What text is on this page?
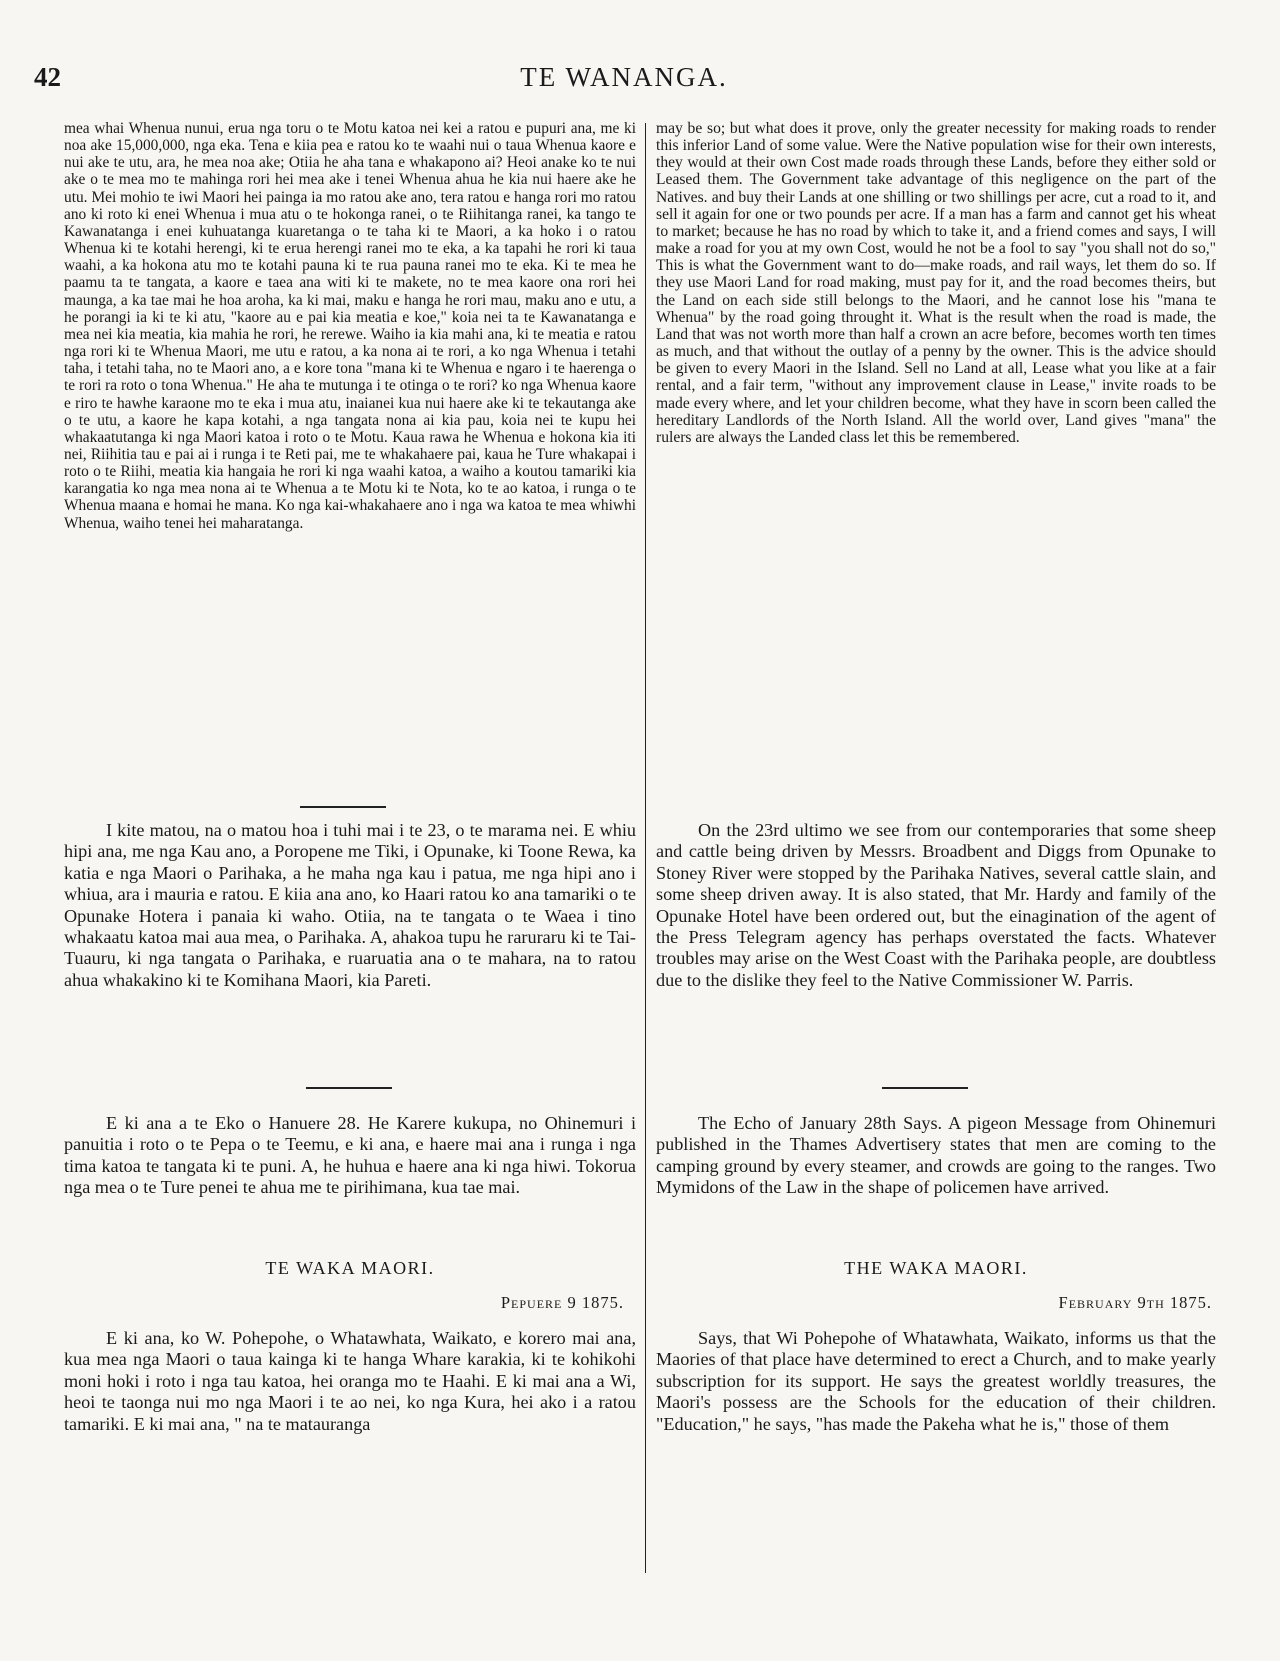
42	TE WANANGA.

mea whai Whenua nunui, erua nga toru o te Motu katoa nei kei a ratou e pupuri ana, me ki noa ake 15,000,000, nga eka. Tena e kiia pea e ratou ko te waahi nui o taua Whenua kaore e nui ake te utu, ara, he mea noa ake; Otiia he aha tana e whakapono ai? Heoi anake ko te nui ake o te mea mo te mahinga rori hei mea ake i tenei Whenua ahua he kia nui haere ake he utu. Mei mohio te iwi Maori hei painga ia mo ratou ake ano, tera ratou e hanga rori mo ratou ano ki roto ki enei Whenua i mua atu o te hokonga ranei, o te Riihitanga ranei, ka tango te Kawanatanga i enei kuhuatanga kuaretanga o te taha ki te Maori, a ka hoko i o ratou Whenua ki te kotahi herengi, ki te erua herengi ranei mo te eka, a ka tapahi he rori ki taua waahi, a ka hokona atu mo te kotahi pauna ki te rua pauna ranei mo te eka. Ki te mea he paamu ta te tangata, a kaore e taea ana witi ki te makete, no te mea kaore ona rori hei maunga, a ka tae mai he hoa aroha, ka ki mai, maku e hanga he rori mau, maku ano e utu, a he porangi ia ki te ki atu, "kaore au e pai kia meatia e koe," koia nei ta te Kawanatanga e mea nei kia meatia, kia mahia he rori, he rerewe. Waiho ia kia mahi ana, ki te meatia e ratou nga rori ki te Whenua Maori, me utu e ratou, a ka nona ai te rori, a ko nga Whenua i tetahi taha, i tetahi taha, no te Maori ano, a e kore tona "mana ki te Whenua e ngaro i te haerenga o te rori ra roto o tona Whenua." He aha te mutunga i te otinga o te rori? ko nga Whenua kaore e riro te hawhe karaone mo te eka i mua atu, inaianei kua nui haere ake ki te tekautanga ake o te utu, a kaore he kapa kotahi, a nga tangata nona ai kia pau, koia nei te kupu hei whakaatutanga ki nga Maori katoa i roto o te Motu. Kaua rawa he Whenua e hokona kia iti nei, Riihitia tau e pai ai i runga i te Reti pai, me te whakahaere pai, kaua he Ture whakapai i roto o te Riihi, meatia kia hangaia he rori ki nga waahi katoa, a waiho a koutou tamariki kia karangatia ko nga mea nona ai te Whenua a te Motu ki te Nota, ko te ao katoa, i runga o te Whenua maana e homai he mana. Ko nga kai-whakahaere ano i nga wa katoa te mea whiwhi Whenua, waiho tenei hei maharatanga.

may be so; but what does it prove, only the greater necessity for making roads to render this inferior Land of some value. Were the Native population wise for their own interests, they would at their own Cost made roads through these Lands, before they either sold or Leased them. The Government take advantage of this negligence on the part of the Natives. and buy their Lands at one shilling or two shillings per acre, cut a road to it, and sell it again for one or two pounds per acre. If a man has a farm and cannot get his wheat to market; because he has no road by which to take it, and a friend comes and says, I will make a road for you at my own Cost, would he not be a fool to say "you shall not do so," This is what the Government want to do—make roads, and rail ways, let them do so. If they use Maori Land for road making, must pay for it, and the road becomes theirs, but the Land on each side still belongs to the Maori, and he cannot lose his "mana te Whenua" by the road going throught it. What is the result when the road is made, the Land that was not worth more than half a crown an acre before, becomes worth ten times as much, and that without the outlay of a penny by the owner. This is the advice should be given to every Maori in the Island. Sell no Land at all, Lease what you like at a fair rental, and a fair term, "without any improvement clause in Lease," invite roads to be made every where, and let your children become, what they have in scorn been called the hereditary Landlords of the North Island. All the world over, Land gives "mana" the rulers are always the Landed class let this be remembered.

I kite matou, na o matou hoa i tuhi mai i te 23, o te marama nei. E whiu hipi ana, me nga Kau ano, a Poropene me Tiki, i Opunake, ki Toone Rewa, ka katia e nga Maori o Parihaka, a he maha nga kau i patua, me nga hipi ano i whiua, ara i mauria e ratou. E kiia ana ano, ko Haari ratou ko ana tamariki o te Opunake Hotera i panaia ki waho. Otiia, na te tangata o te Waea i tino whakaatu katoa mai aua mea, o Parihaka. A, ahakoa tupu he raruraru ki te Tai-Tuauru, ki nga tangata o Parihaka, e ruaruatia ana o te mahara, na to ratou ahua whakakino ki te Komihana Maori, kia Pareti.

On the 23rd ultimo we see from our contemporaries that some sheep and cattle being driven by Messrs. Broadbent and Diggs from Opunake to Stoney River were stopped by the Parihaka Natives, several cattle slain, and some sheep driven away. It is also stated, that Mr. Hardy and family of the Opunake Hotel have been ordered out, but the einagination of the agent of the Press Telegram agency has perhaps overstated the facts. Whatever troubles may arise on the West Coast with the Parihaka people, are doubtless due to the dislike they feel to the Native Commissioner W. Parris.

E ki ana a te Eko o Hanuere 28. He Karere kukupa, no Ohinemuri i panuitia i roto o te Pepa o te Teemu, e ki ana, e haere mai ana i runga i nga tima katoa te tangata ki te puni. A, he huhua e haere ana ki nga hiwi. Tokorua nga mea o te Ture penei te ahua me te pirihimana, kua tae mai.

The Echo of January 28th Says. A pigeon Message from Ohinemuri published in the Thames Advertisery states that men are coming to the camping ground by every steamer, and crowds are going to the ranges. Two Mymidons of the Law in the shape of policemen have arrived.

TE WAKA MAORI.	THE WAKA MAORI.
Pepuere 9 1875.	February 9th 1875.

E ki ana, ko W. Pohepohe, o Whatawhata, Waikato, e korero mai ana, kua mea nga Maori o taua kainga ki te hanga Whare karakia, ki te kohikohi moni hoki i roto i nga tau katoa, hei oranga mo te Haahi. E ki mai ana a Wi, heoi te taonga nui mo nga Maori i te ao nei, ko nga Kura, hei ako i a ratou tamariki. E ki mai ana, " na te matauranga

Says, that Wi Pohepohe of Whatawhata, Waikato, informs us that the Maories of that place have determined to erect a Church, and to make yearly subscription for its support. He says the greatest worldly treasures, the Maori's possess are the Schools for the education of their children. "Education," he says, "has made the Pakeha what he is," those of them
